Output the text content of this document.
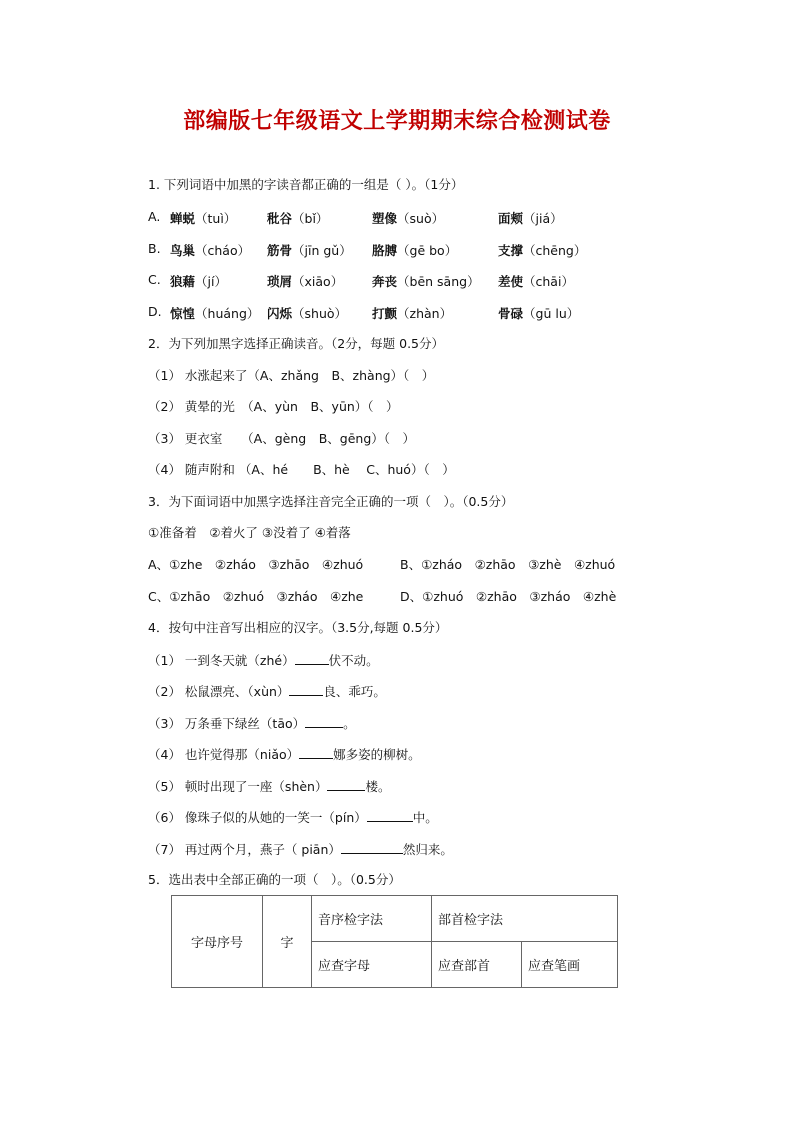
部编版七年级语文上学期期末综合检测试卷
1. 下列词语中加黑的字读音都正确的一组是（ ）。（1分）
A. 蝉蜕（tuì） 秕谷（bǐ）	塑像（suò）	面颊（jiá）
B. 鸟巢（cháo） 筋骨（jīn gǔ） 胳膊（gē bo）	支撑（chēng）
C. 狼藉（jí）	琐屑（xiāo） 奔丧（bēn sāng） 差使（chāi）
D. 惊惶（huáng） 闪烁（shuò） 打颤（zhàn）	骨碌（gū lu）
2．为下列加黑字选择正确读音。（2分，每题 0.5分）
（1） 水涨起来了（A、zhǎng　B、zhàng）（　）
（2） 黄晕的光　（A、yùn　B、yūn）（　）
（3） 更衣室　　（A、gèng　B、gēng）（　）
（4） 随声附和 （A、hé　　B、hè　 C、huó）（　）
3．为下面词语中加黑字选择注音完全正确的一项（　）。（0.5分）
①准备着　②着火了 ③没着了 ④着落
A、①zhe　②zháo　③zhāo　④zhuó	B、①zháo　②zhāo　③zhè　④zhuó
C、①zhāo　②zhuó　③zháo　④zhe	D、①zhuó　②zhāo　③zháo　④zhè
4．按句中注音写出相应的汉字。（3.5分,每题 0.5分）
（1） 一到冬天就（zhé）	伏不动。
（2） 松鼠漂亮、（xùn）	良、乖巧。
（3） 万条垂下绿丝（tāo）	。
（4） 也许觉得那（niǎo）	娜多姿的柳树。
（5） 顿时出现了一座（shèn）	楼。
（6） 像珠子似的从她的一笑一（pín）	中。
（7） 再过两个月，燕子（ piān）	然归来。
5．选出表中全部正确的一项（　）。（0.5分）
字母序号	字	音序检字法	部首检字法	
		应查字母	应查部首	应查笔画
